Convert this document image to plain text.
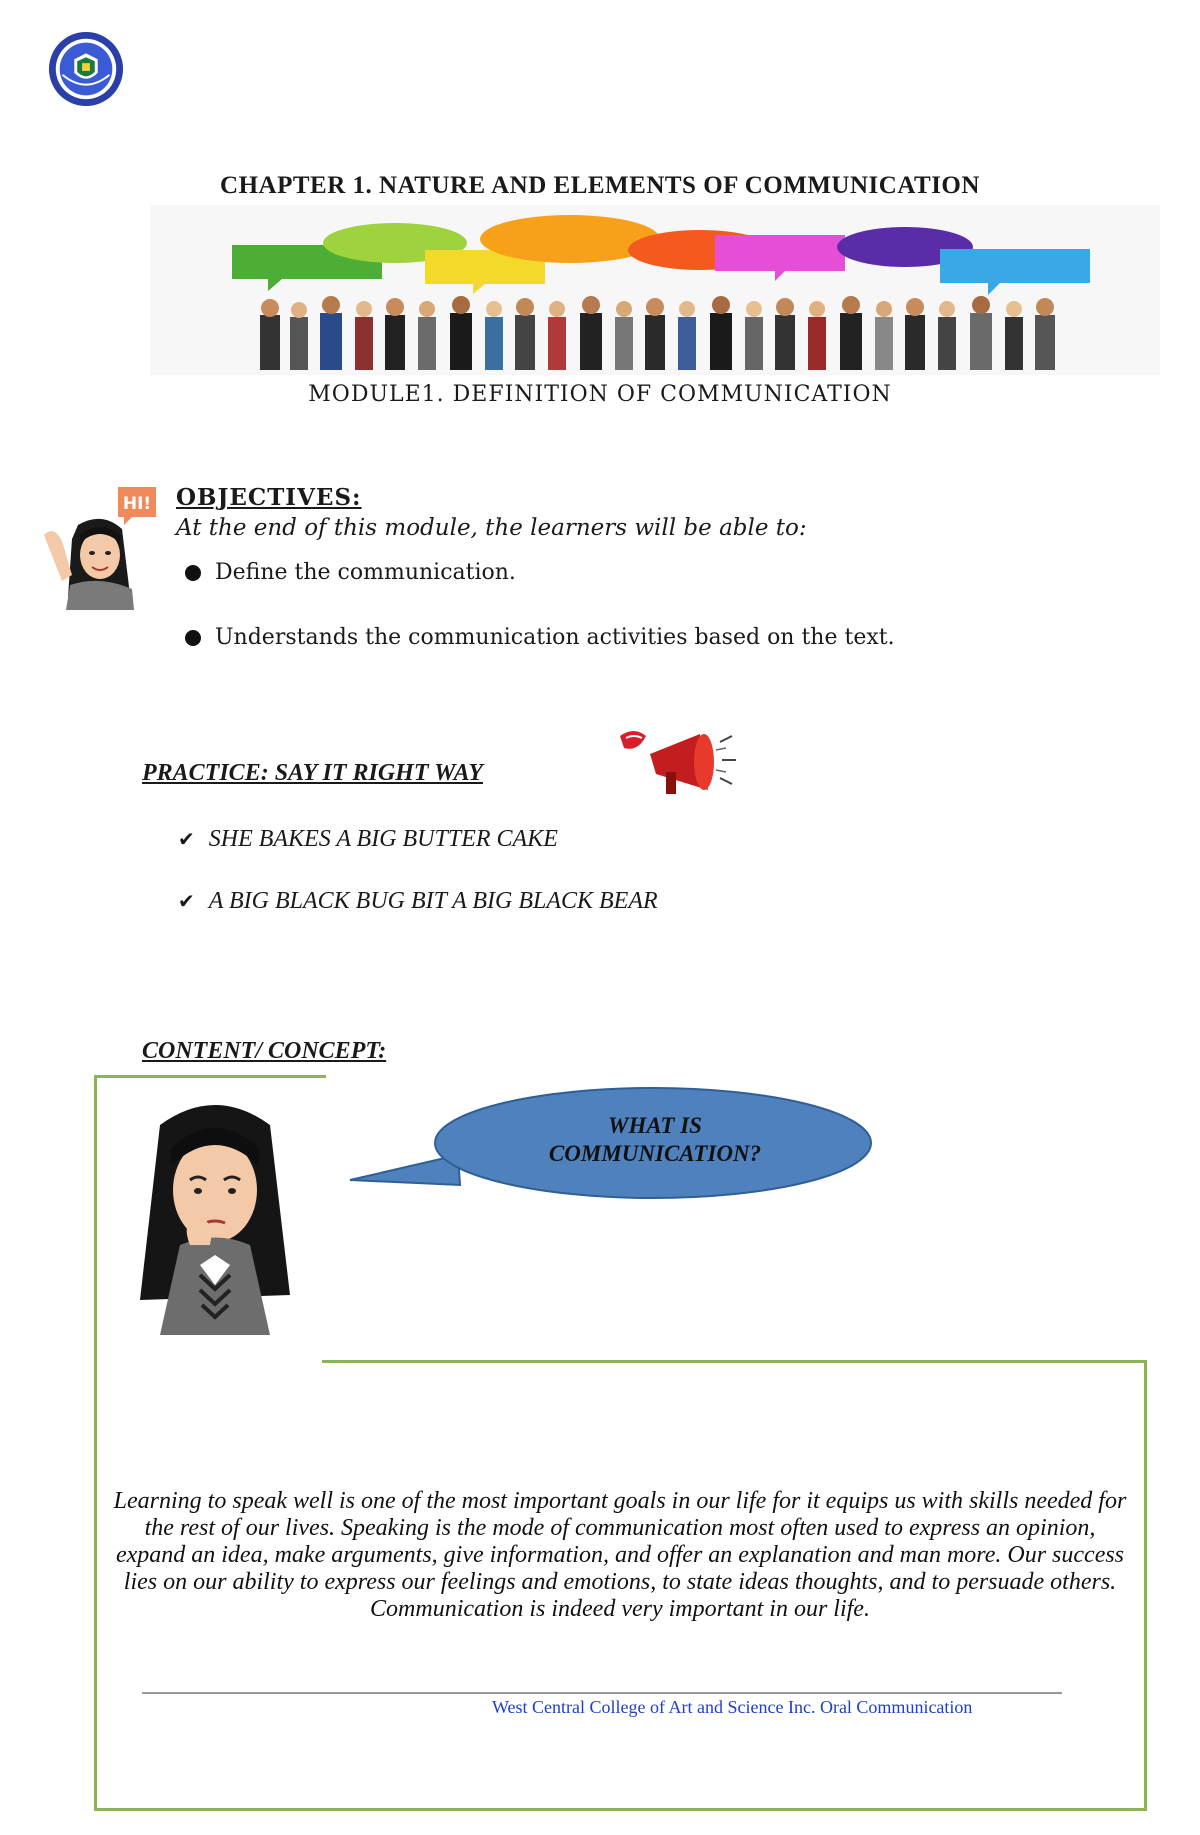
CHAPTER 1. NATURE AND ELEMENTS OF COMMUNICATION
MODULE1. DEFINITION OF COMMUNICATION
HI! OBJECTIVES:
At the end of this module, the learners will be able to:
Define the communication.
Understands the communication activities based on the text.
PRACTICE: SAY IT RIGHT WAY
✔ SHE BAKES A BIG BUTTER CAKE
✔ A BIG BLACK BUG BIT A BIG BLACK BEAR
CONTENT/ CONCEPT:
WHAT IS
COMMUNICATION?
Learning to speak well is one of the most important goals in our life for it equips us with skills needed for the rest of our lives. Speaking is the mode of communication most often used to express an opinion, expand an idea, make arguments, give information, and offer an explanation and man more. Our success lies on our ability to express our feelings and emotions, to state ideas thoughts, and to persuade others. Communication is indeed very important in our life.
West Central College of Art and Science Inc. Oral Communication
